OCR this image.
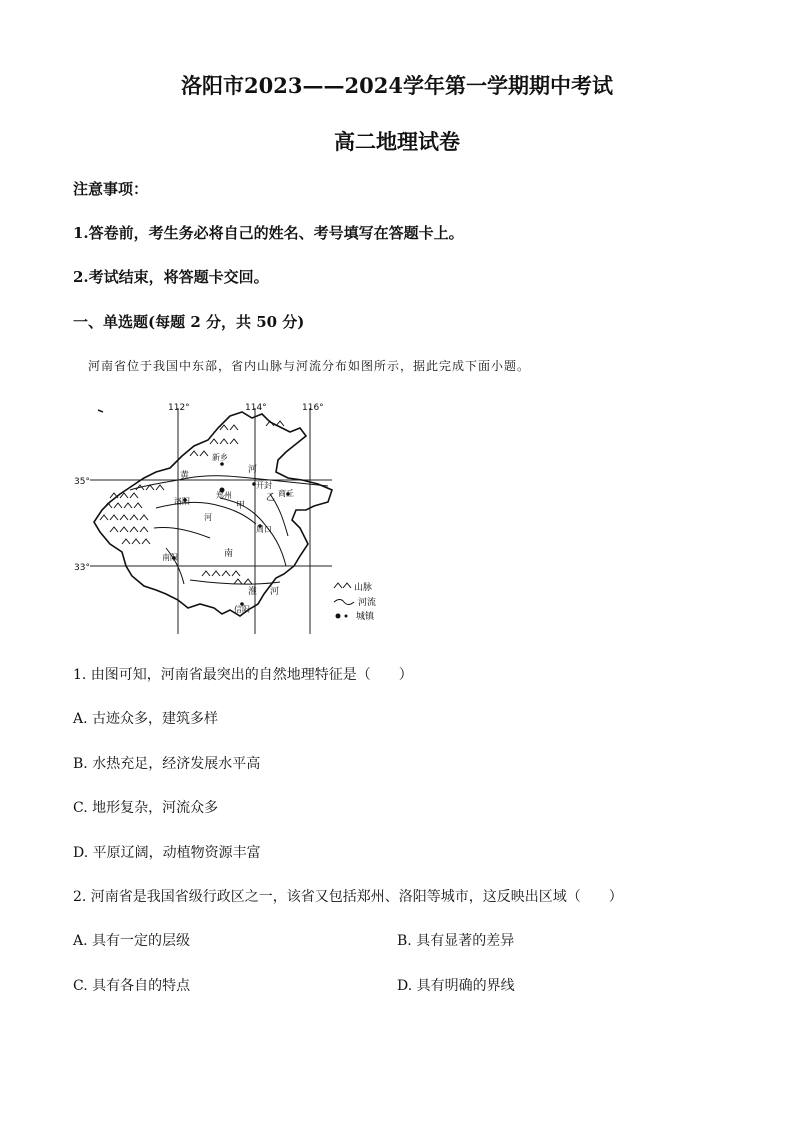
洛阳市2023——2024学年第一学期期中考试
高二地理试卷
注意事项：
1.答卷前，考生务必将自己的姓名、考号填写在答题卡上。
2.考试结束，将答题卡交回。
一、单选题(每题 2 分，共 50 分)
河南省位于我国中东部，省内山脉与河流分布如图所示，据此完成下面小题。
112°	114°	116°
35°
33°
新乡
黄
河
开封
洛阳
郑州
甲
乙 商丘
河
周口
南
南阳
淮 河
信阳
山脉
河流
城镇
1. 由图可知，河南省最突出的自然地理特征是（　　）
A. 古迹众多，建筑多样
B. 水热充足，经济发展水平高
C. 地形复杂，河流众多
D. 平原辽阔，动植物资源丰富
2. 河南省是我国省级行政区之一，该省又包括郑州、洛阳等城市，这反映出区域（　　）
A. 具有一定的层级	B. 具有显著的差异
C. 具有各自的特点	D. 具有明确的界线
